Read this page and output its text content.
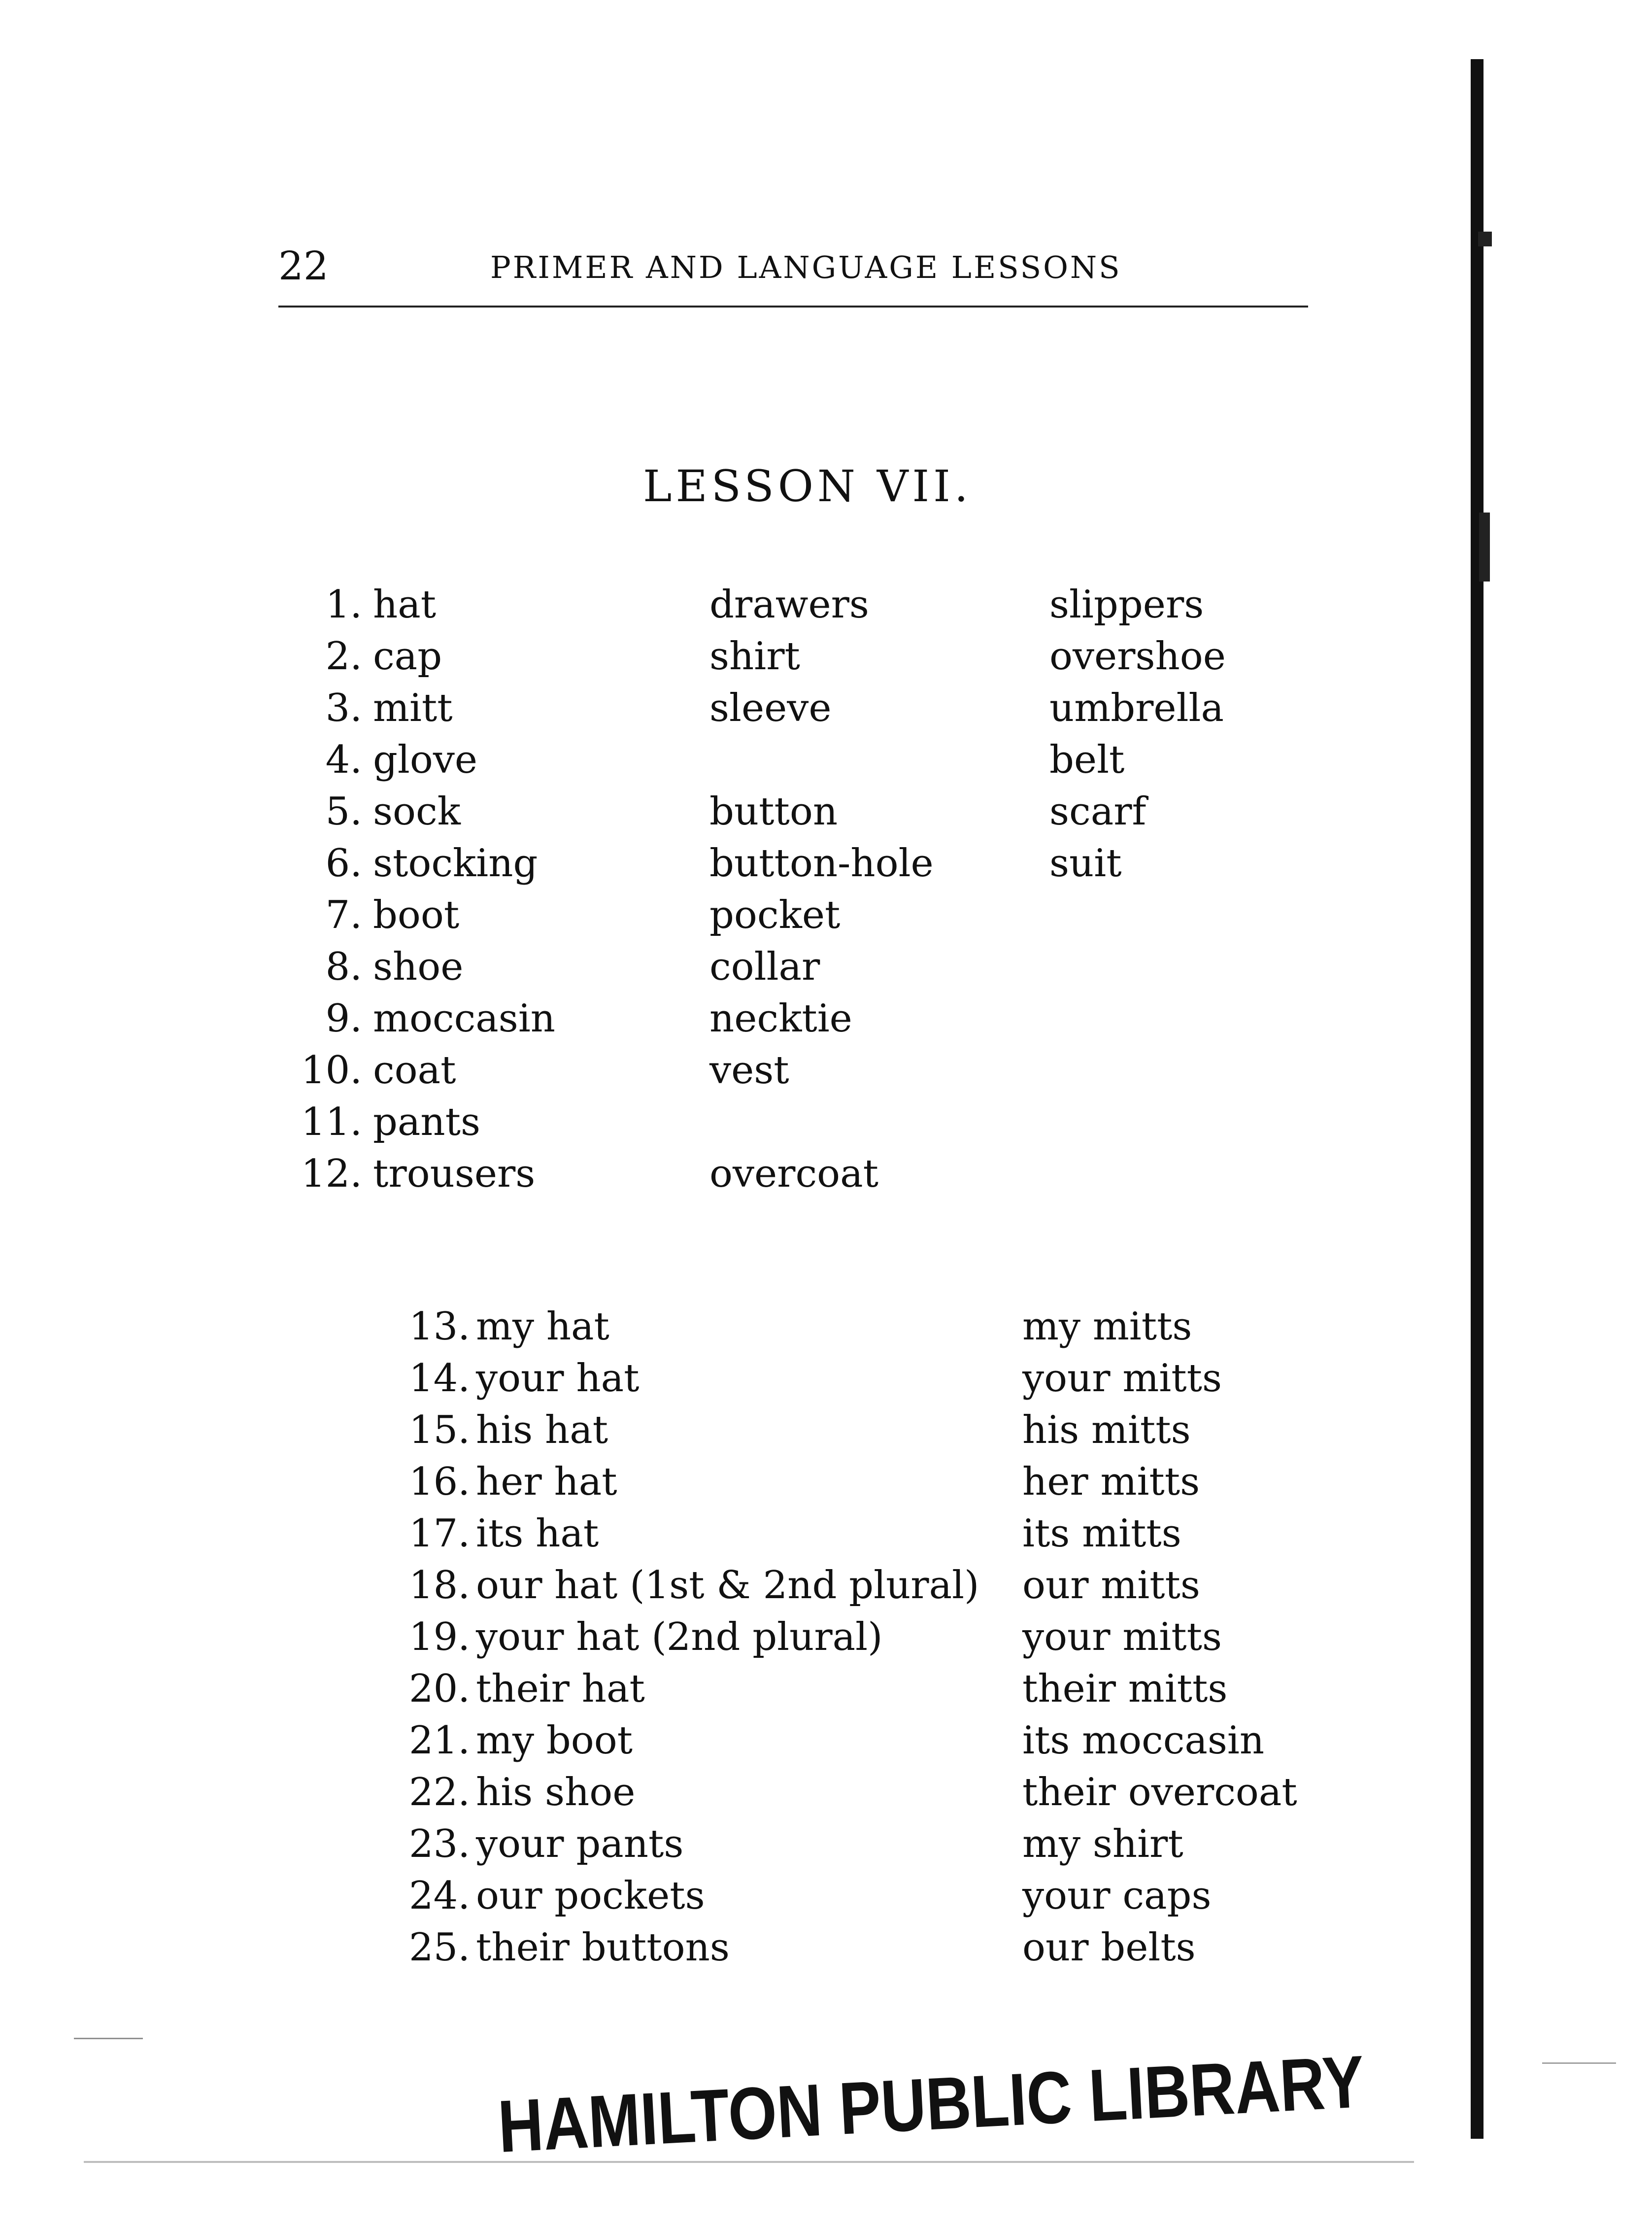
22	PRIMER AND LANGUAGE LESSONS
LESSON VII.
1. hat
2. cap
3. mitt
4. glove
5. sock
6. stocking
7. boot
8. shoe
9. moccasin
10. coat
11. pants
12. trousers
drawers
shirt
sleeve
button
button-hole
pocket
collar
necktie
vest
overcoat
slippers
overshoe
umbrella
belt
scarf
suit
13. my hat
14. your hat
15. his hat
16. her hat
17. its hat
18. our hat (1st & 2nd plural)
19. your hat (2nd plural)
20. their hat
21. my boot
22. his shoe
23. your pants
24. our pockets
25. their buttons
my mitts
your mitts
his mitts
her mitts
its mitts
our mitts
your mitts
their mitts
its moccasin
their overcoat
my shirt
your caps
our belts
HAMILTON PUBLIC LIBRARY
